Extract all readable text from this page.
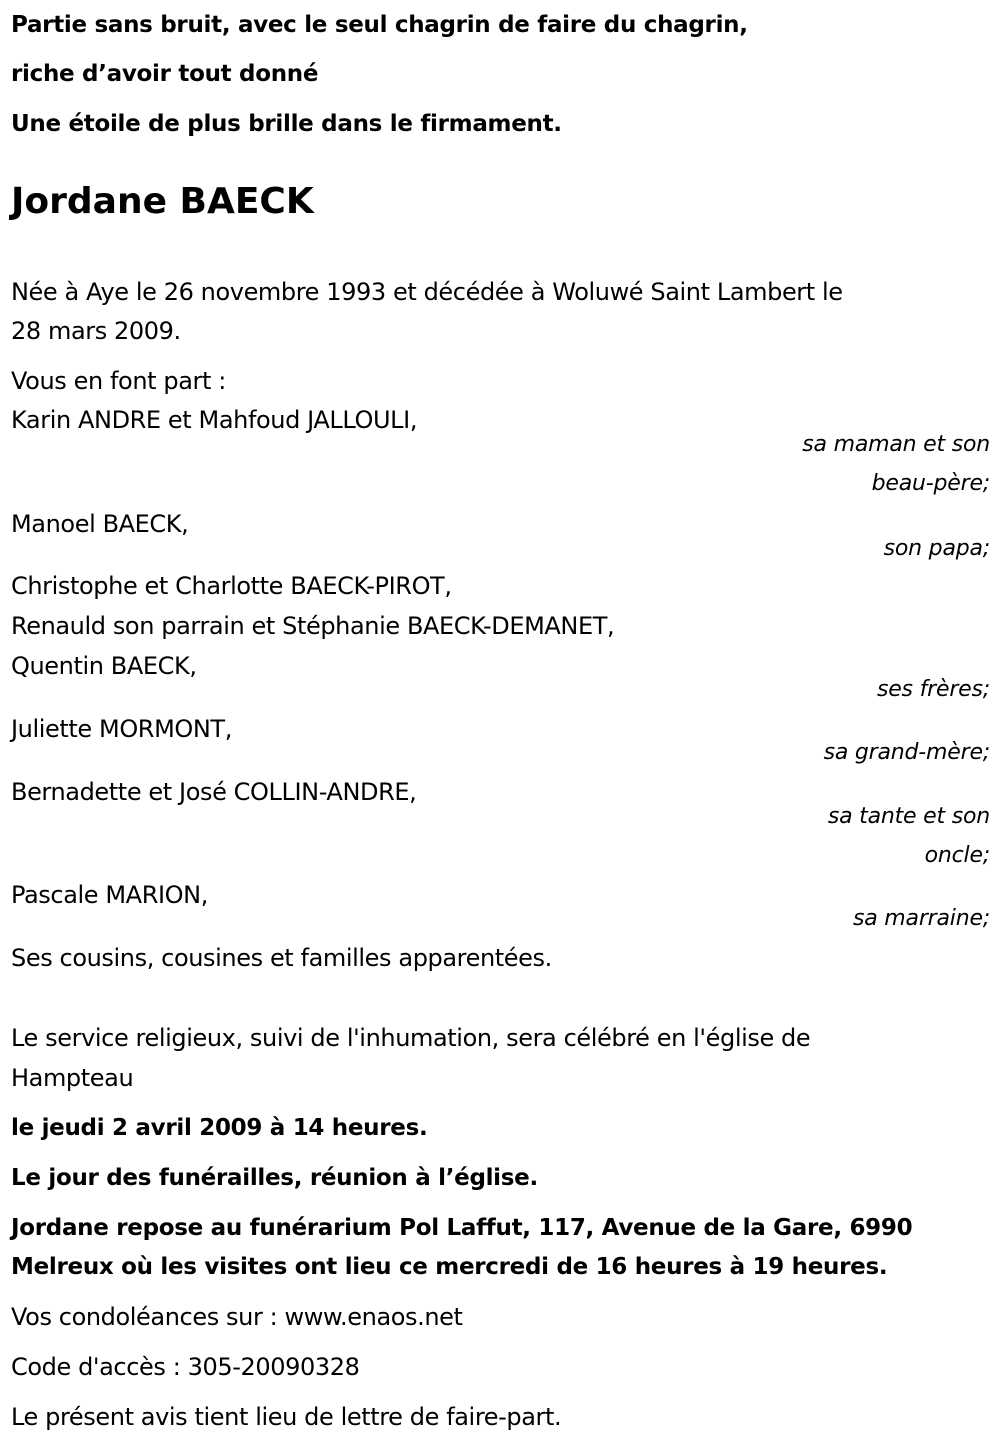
Partie sans bruit, avec le seul chagrin de faire du chagrin,
riche d’avoir tout donné
Une étoile de plus brille dans le firmament.
Jordane BAECK
Née à Aye le 26 novembre 1993 et décédée à Woluwé Saint Lambert le
28 mars 2009.
Vous en font part :
Karin ANDRE et Mahfoud JALLOULI,
sa maman et son
beau-père;
Manoel BAECK,
son papa;
Christophe et Charlotte BAECK-PIROT,
Renauld son parrain et Stéphanie BAECK-DEMANET,
Quentin BAECK,
ses frères;
Juliette MORMONT,
sa grand-mère;
Bernadette et José COLLIN-ANDRE,
sa tante et son
oncle;
Pascale MARION,
sa marraine;
Ses cousins, cousines et familles apparentées.
Le service religieux, suivi de l'inhumation, sera célébré en l'église de
Hampteau
le jeudi 2 avril 2009 à 14 heures.
Le jour des funérailles, réunion à l’église.
Jordane repose au funérarium Pol Laffut, 117, Avenue de la Gare, 6990
Melreux où les visites ont lieu ce mercredi de 16 heures à 19 heures.
Vos condoléances sur : www.enaos.net
Code d'accès : 305-20090328
Le présent avis tient lieu de lettre de faire-part.
